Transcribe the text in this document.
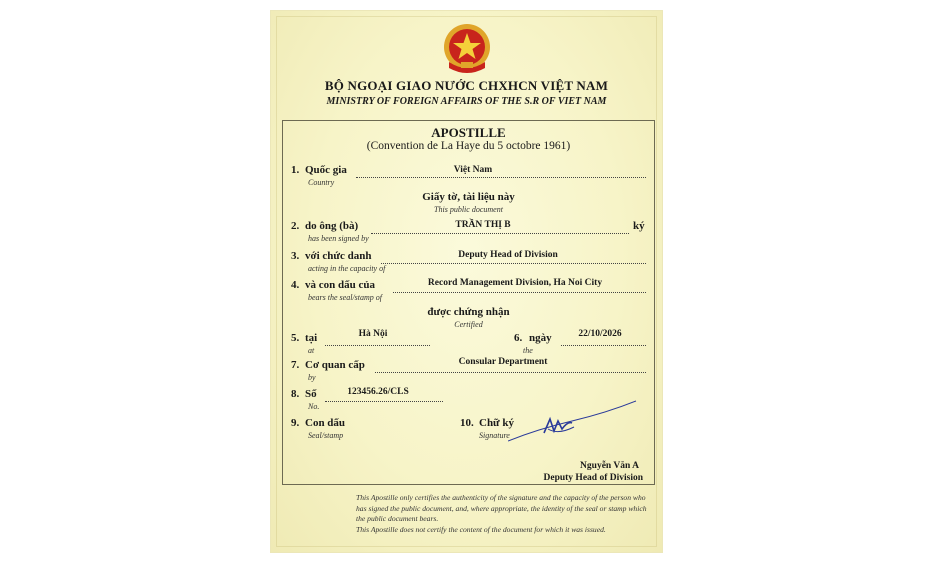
BỘ NGOẠI GIAO NƯỚC CHXHCN VIỆT NAM
MINISTRY OF FOREIGN AFFAIRS OF THE S.R OF VIET NAM
APOSTILLE
(Convention de La Haye du 5 octobre 1961)
1. Quốc gia
Country
Việt Nam
Giấy tờ, tài liệu này
This public document
2. do ông (bà)
has been signed by
TRẦN THỊ B	ký
3. với chức danh
acting in the capacity of
Deputy Head of Division
4. và con dấu của
bears the seal/stamp of
Record Management Division, Ha Noi City
được chứng nhận
Certified
5. tại
at
Hà Nội	6. ngày
the
22/10/2026
7. Cơ quan cấp
by
Consular Department
8. Số
No.
123456.26/CLS
9. Con dấu
Seal/stamp
10. Chữ ký
Signature
Nguyễn Văn A
Deputy Head of Division

This Apostille only certifies the authenticity of the signature and the capacity of the person who has signed the public document, and, where appropriate, the identity of the seal or stamp which the public document bears.

This Apostille does not certify the content of the document for which it was issued.
